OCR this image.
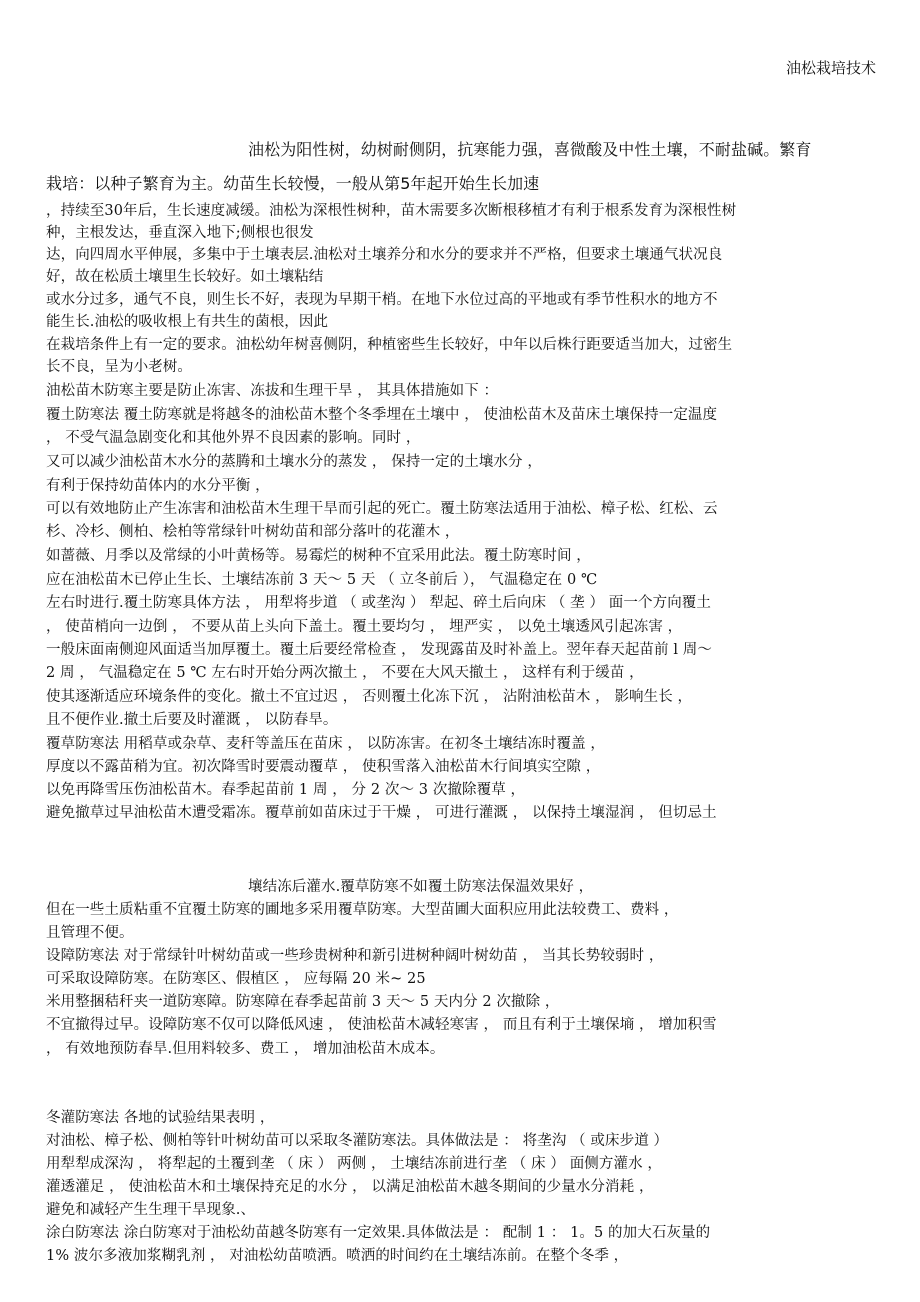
油松栽培技术
油松为阳性树，幼树耐侧阴，抗寒能力强，喜微酸及中性土壤，不耐盐碱。繁育
栽培：以种子繁育为主。幼苗生长较慢，一般从第5年起开始生长加速
，持续至30年后，生长速度减缓。油松为深根性树种，苗木需要多次断根移植才有利于根系发育为深根性树
种，主根发达，垂直深入地下;侧根也很发
达，向四周水平伸展，多集中于土壤表层.油松对土壤养分和水分的要求并不严格，但要求土壤通气状况良
好，故在松质土壤里生长较好。如土壤粘结
或水分过多，通气不良，则生长不好，表现为早期干梢。在地下水位过高的平地或有季节性积水的地方不
能生长.油松的吸收根上有共生的菌根，因此
在栽培条件上有一定的要求。油松幼年树喜侧阴，种植密些生长较好，中年以后株行距要适当加大，过密生
长不良，呈为小老树。
油松苗木防寒主要是防止冻害、冻拔和生理干旱 ， 其具体措施如下 ：
覆土防寒法 覆土防寒就是将越冬的油松苗木整个冬季埋在土壤中 ， 使油松苗木及苗床土壤保持一定温度
， 不受气温急剧变化和其他外界不良因素的影响。同时 ，
又可以减少油松苗木水分的蒸腾和土壤水分的蒸发 ， 保持一定的土壤水分 ，
有利于保持幼苗体内的水分平衡 ，
可以有效地防止产生冻害和油松苗木生理干旱而引起的死亡。覆土防寒法适用于油松、樟子松、红松、云
杉、冷杉、侧柏、桧柏等常绿针叶树幼苗和部分落叶的花灌木 ，
如蔷薇、月季以及常绿的小叶黄杨等。易霉烂的树种不宜采用此法。覆土防寒时间 ，
应在油松苗木已停止生长、土壤结冻前 3 天～ 5 天 （ 立冬前后 ）， 气温稳定在 0 ℃
左右时进行.覆土防寒具体方法 ， 用犁将步道 （ 或垄沟 ） 犁起、碎土后向床 （ 垄 ） 面一个方向覆土
， 使苗梢向一边倒 ， 不要从苗上头向下盖土。覆土要均匀 ， 埋严实 ， 以免土壤透风引起冻害 ，
一般床面南侧迎风面适当加厚覆土。覆土后要经常检查 ， 发现露苗及时补盖上。翌年春天起苗前 l 周～
2 周 ， 气温稳定在 5 ℃ 左右时开始分两次撤土 ， 不要在大风天撤土 ， 这样有利于缓苗 ，
使其逐渐适应环境条件的变化。撤土不宜过迟 ， 否则覆土化冻下沉 ， 沾附油松苗木 ， 影响生长 ，
且不便作业.撤土后要及时灌溉 ， 以防春旱。
覆草防寒法 用稻草或杂草、麦秆等盖压在苗床 ， 以防冻害。在初冬土壤结冻时覆盖 ，
厚度以不露苗稍为宜。初次降雪时要震动覆草 ， 使积雪落入油松苗木行间填实空隙 ，
以免再降雪压伤油松苗木。春季起苗前 1 周 ， 分 2 次～ 3 次撤除覆草 ，
避免撤草过早油松苗木遭受霜冻。覆草前如苗床过于干燥 ， 可进行灌溉 ， 以保持土壤湿润 ， 但切忌土
壤结冻后灌水.覆草防寒不如覆土防寒法保温效果好 ，
但在一些土质粘重不宜覆土防寒的圃地多采用覆草防寒。大型苗圃大面积应用此法较费工、费料 ，
且管理不便。
设障防寒法 对于常绿针叶树幼苗或一些珍贵树种和新引进树种阔叶树幼苗 ， 当其长势较弱时 ，
可采取设障防寒。在防寒区、假植区 ， 应每隔 20 米~ 25
米用整捆秸秆夹一道防寒障。防寒障在春季起苗前 3 天～ 5 天内分 2 次撤除 ，
不宜撤得过早。设障防寒不仅可以降低风速 ， 使油松苗木减轻寒害 ， 而且有利于土壤保墒 ， 增加积雪
， 有效地预防春旱.但用料较多、费工 ， 增加油松苗木成本。
冬灌防寒法 各地的试验结果表明 ，
对油松、樟子松、侧柏等针叶树幼苗可以采取冬灌防寒法。具体做法是 ： 将垄沟 （ 或床步道 ）
用犁犁成深沟 ， 将犁起的土覆到垄 （ 床 ） 两侧 ， 土壤结冻前进行垄 （ 床 ） 面侧方灌水 ，
灌透灌足 ， 使油松苗木和土壤保持充足的水分 ， 以满足油松苗木越冬期间的少量水分消耗 ，
避免和减轻产生生理干旱现象.、
涂白防寒法 涂白防寒对于油松幼苗越冬防寒有一定效果.具体做法是 ： 配制 1 ： 1。5 的加大石灰量的
1% 波尔多液加浆糊乳剂 ， 对油松幼苗喷洒。喷洒的时间约在土壤结冻前。在整个冬季 ，
